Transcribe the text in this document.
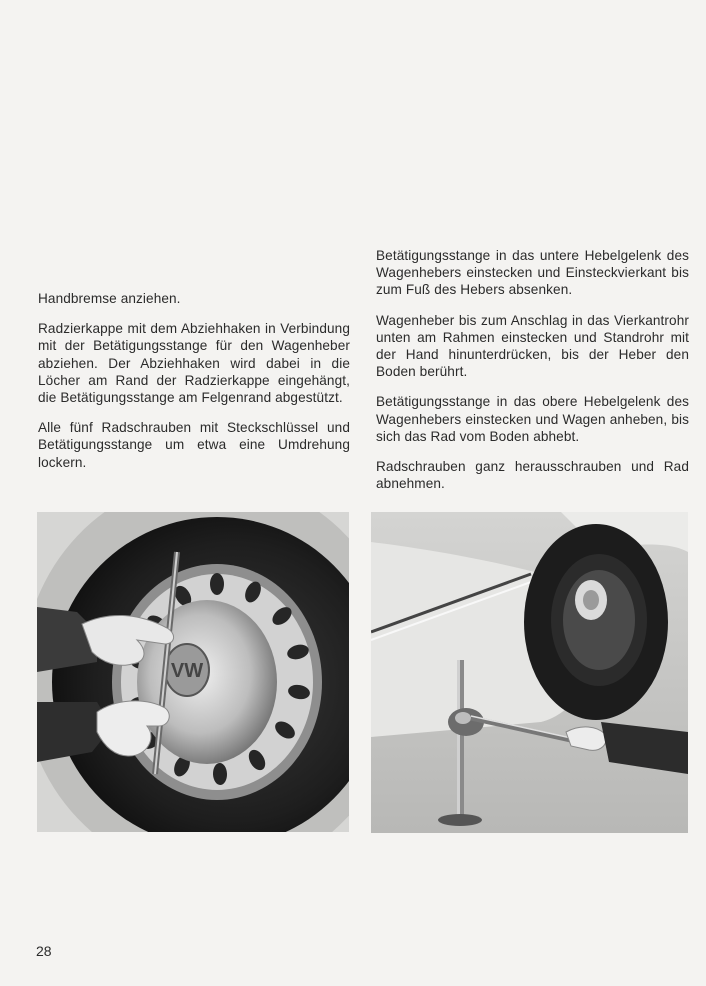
Handbremse anziehen.

Radzierkappe mit dem Abziehhaken in Verbindung mit der Betätigungsstange für den Wagenheber abziehen. Der Abziehhaken wird dabei in die Löcher am Rand der Radzierkappe eingehängt, die Betätigungsstange am Felgenrand abgestützt.

Alle fünf Radschrauben mit Steckschlüssel und Betätigungsstange um etwa eine Umdrehung lockern.

Betätigungsstange in das untere Hebelgelenk des Wagenhebers einstecken und Einsteckvierkant bis zum Fuß des Hebers absenken.

Wagenheber bis zum Anschlag in das Vierkantrohr unten am Rahmen einstecken und Standrohr mit der Hand hinunterdrücken, bis der Heber den Boden berührt.

Betätigungsstange in das obere Hebelgelenk des Wagenhebers einstecken und Wagen anheben, bis sich das Rad vom Boden abhebt.

Radschrauben ganz herausschrauben und Rad abnehmen.

VW
28
